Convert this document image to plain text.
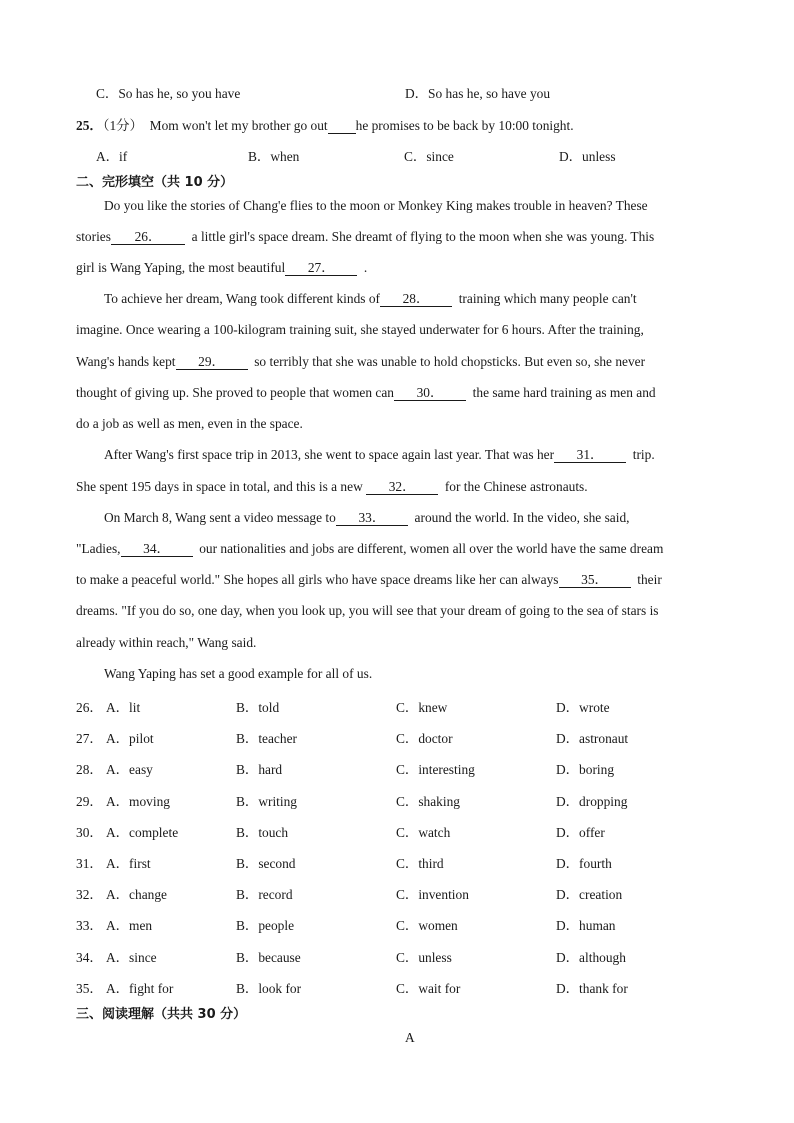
C．So has he, so you have	D．So has he, so have you
25．（1分） Mom won't let my brother go out he promises to be back by 10:00 tonight.
A．if	B．when	C．since	D．unless
二、完形填空（共 10 分）
Do you like the stories of Chang'e flies to the moon or Monkey King makes trouble in heaven? These
stories 26． a little girl's space dream. She dreamt of flying to the moon when she was young. This
girl is Wang Yaping, the most beautiful 27． .
To achieve her dream, Wang took different kinds of 28． training which many people can't
imagine. Once wearing a 100-kilogram training suit, she stayed underwater for 6 hours. After the training,
Wang's hands kept 29． so terribly that she was unable to hold chopsticks. But even so, she never
thought of giving up. She proved to people that women can 30． the same hard training as men and
do a job as well as men, even in the space.
After Wang's first space trip in 2013, she went to space again last year. That was her 31． trip.
She spent 195 days in space in total, and this is a new 32． for the Chinese astronauts.
On March 8, Wang sent a video message to 33． around the world. In the video, she said,
"Ladies, 34． our nationalities and jobs are different, women all over the world have the same dream
to make a peaceful world." She hopes all girls who have space dreams like her can always 35． their
dreams. "If you do so, one day, when you look up, you will see that your dream of going to the sea of stars is
already within reach," Wang said.
Wang Yaping has set a good example for all of us.
26． A．lit	B．told	C．knew	D．wrote
27． A．pilot	B．teacher	C．doctor	D．astronaut
28． A．easy	B．hard	C．interesting	D．boring
29． A．moving	B．writing	C．shaking	D．dropping
30． A．complete	B．touch	C．watch	D．offer
31． A．first	B．second	C．third	D．fourth
32． A．change	B．record	C．invention	D．creation
33． A．men	B．people	C．women	D．human
34． A．since	B．because	C．unless	D．although
35． A．fight for	B．look for	C．wait for	D．thank for
三、阅读理解（共共 30 分）
A
